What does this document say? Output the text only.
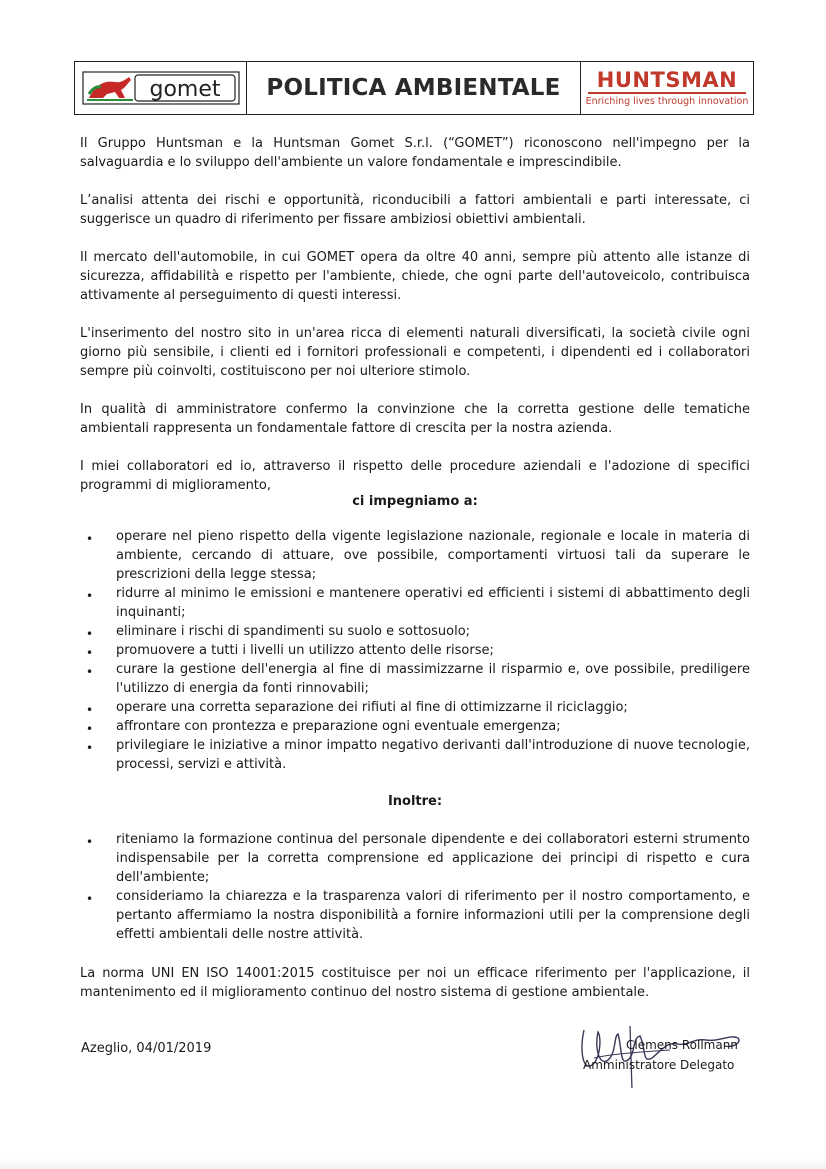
gomet POLITICA AMBIENTALE HUNTSMAN
Enriching lives through innovation
Il Gruppo Huntsman e la Huntsman Gomet S.r.l. (“GOMET”) riconoscono nell'impegno per la salvaguardia e lo sviluppo dell'ambiente un valore fondamentale e imprescindibile.
L’analisi attenta dei rischi e opportunità, riconducibili a fattori ambientali e parti interessate, ci suggerisce un quadro di riferimento per fissare ambiziosi obiettivi ambientali.
Il mercato dell'automobile, in cui GOMET opera da oltre 40 anni, sempre più attento alle istanze di sicurezza, affidabilità e rispetto per l'ambiente, chiede, che ogni parte dell'autoveicolo, contribuisca attivamente al perseguimento di questi interessi.
L'inserimento del nostro sito in un'area ricca di elementi naturali diversificati, la società civile ogni giorno più sensibile, i clienti ed i fornitori professionali e competenti, i dipendenti ed i collaboratori sempre più coinvolti, costituiscono per noi ulteriore stimolo.
In qualità di amministratore confermo la convinzione che la corretta gestione delle tematiche ambientali rappresenta un fondamentale fattore di crescita per la nostra azienda.
I miei collaboratori ed io, attraverso il rispetto delle procedure aziendali e l'adozione di specifici programmi di miglioramento,
ci impegniamo a:
• operare nel pieno rispetto della vigente legislazione nazionale, regionale e locale in materia di ambiente, cercando di attuare, ove possibile, comportamenti virtuosi tali da superare le prescrizioni della legge stessa;
• ridurre al minimo le emissioni e mantenere operativi ed efficienti i sistemi di abbattimento degli inquinanti;
• eliminare i rischi di spandimenti su suolo e sottosuolo;
• promuovere a tutti i livelli un utilizzo attento delle risorse;
• curare la gestione dell'energia al fine di massimizzarne il risparmio e, ove possibile, prediligere l'utilizzo di energia da fonti rinnovabili;
• operare una corretta separazione dei rifiuti al fine di ottimizzarne il riciclaggio;
• affrontare con prontezza e preparazione ogni eventuale emergenza;
• privilegiare le iniziative a minor impatto negativo derivanti dall'introduzione di nuove tecnologie, processi, servizi e attività.
Inoltre:
• riteniamo la formazione continua del personale dipendente e dei collaboratori esterni strumento indispensabile per la corretta comprensione ed applicazione dei principi di rispetto e cura dell'ambiente;
• consideriamo la chiarezza e la trasparenza valori di riferimento per il nostro comportamento, e pertanto affermiamo la nostra disponibilità a fornire informazioni utili per la comprensione degli effetti ambientali delle nostre attività.
La norma UNI EN ISO 14001:2015 costituisce per noi un efficace riferimento per l'applicazione, il mantenimento ed il miglioramento continuo del nostro sistema di gestione ambientale.
Azeglio, 04/01/2019	Clemens Rollmann
Amministratore Delegato
